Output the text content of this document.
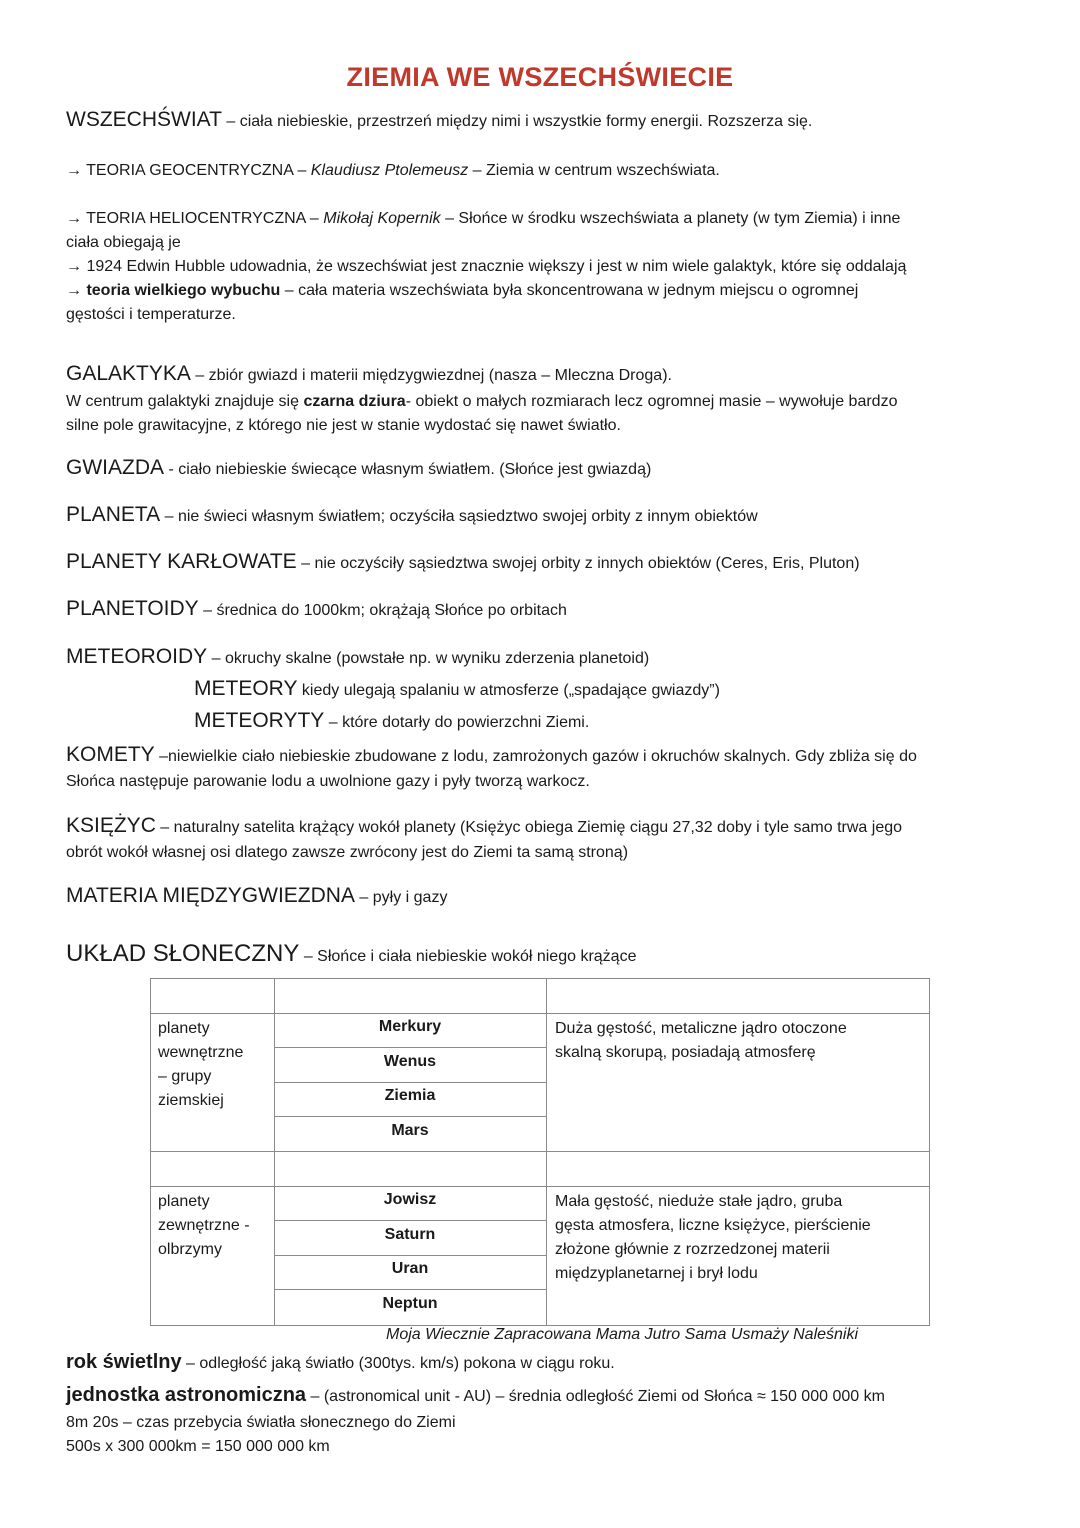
ZIEMIA WE WSZECHŚWIECIE
WSZECHŚWIAT – ciała niebieskie, przestrzeń między nimi i wszystkie formy energii. Rozszerza się.
→ TEORIA GEOCENTRYCZNA – Klaudiusz Ptolemeusz – Ziemia w centrum wszechświata.
→ TEORIA HELIOCENTRYCZNA – Mikołaj Kopernik – Słońce w środku wszechświata a planety (w tym Ziemia) i inne
ciała obiegają je
→ 1924 Edwin Hubble udowadnia, że wszechświat jest znacznie większy i jest w nim wiele galaktyk, które się oddalają
→ teoria wielkiego wybuchu – cała materia wszechświata była skoncentrowana w jednym miejscu o ogromnej
gęstości i temperaturze.
GALAKTYKA – zbiór gwiazd i materii międzygwiezdnej (nasza – Mleczna Droga).
W centrum galaktyki znajduje się czarna dziura- obiekt o małych rozmiarach lecz ogromnej masie – wywołuje bardzo
silne pole grawitacyjne, z którego nie jest w stanie wydostać się nawet światło.
GWIAZDA - ciało niebieskie świecące własnym światłem. (Słońce jest gwiazdą)
PLANETA – nie świeci własnym światłem; oczyściła sąsiedztwo swojej orbity z innym obiektów
PLANETY KARŁOWATE – nie oczyściły sąsiedztwa swojej orbity z innych obiektów (Ceres, Eris, Pluton)
PLANETOIDY – średnica do 1000km; okrążają Słońce po orbitach
METEOROIDY – okruchy skalne (powstałe np. w wyniku zderzenia planetoid)
METEORY kiedy ulegają spalaniu w atmosferze („spadające gwiazdy”)
METEORYTY – które dotarły do powierzchni Ziemi.
KOMETY –niewielkie ciało niebieskie zbudowane z lodu, zamrożonych gazów i okruchów skalnych. Gdy zbliża się do
Słońca następuje parowanie lodu a uwolnione gazy i pyły tworzą warkocz.
KSIĘŻYC – naturalny satelita krążący wokół planety (Księżyc obiega Ziemię ciągu 27,32 doby i tyle samo trwa jego
obrót wokół własnej osi dlatego zawsze zwrócony jest do Ziemi ta samą stroną)
MATERIA MIĘDZYGWIEZDNA – pyły i gazy
UKŁAD SŁONECZNY – Słońce i ciała niebieskie wokół niego krążące
planety
wewnętrzne
– grupy
ziemskiej
Merkury
Wenus
Ziemia
Mars
Duża gęstość, metaliczne jądro otoczone
skalną skorupą, posiadają atmosferę
planety
zewnętrzne -
olbrzymy
Jowisz
Saturn
Uran
Neptun
Mała gęstość, nieduże stałe jądro, gruba
gęsta atmosfera, liczne księżyce, pierścienie
złożone głównie z rozrzedzonej materii
międzyplanetarnej i brył lodu
Moja Wiecznie Zapracowana Mama Jutro Sama Usmaży Naleśniki
rok świetlny – odległość jaką światło (300tys. km/s) pokona w ciągu roku.
jednostka astronomiczna – (astronomical unit - AU) – średnia odległość Ziemi od Słońca ≈ 150 000 000 km
8m 20s – czas przebycia światła słonecznego do Ziemi
500s x 300 000km = 150 000 000 km
